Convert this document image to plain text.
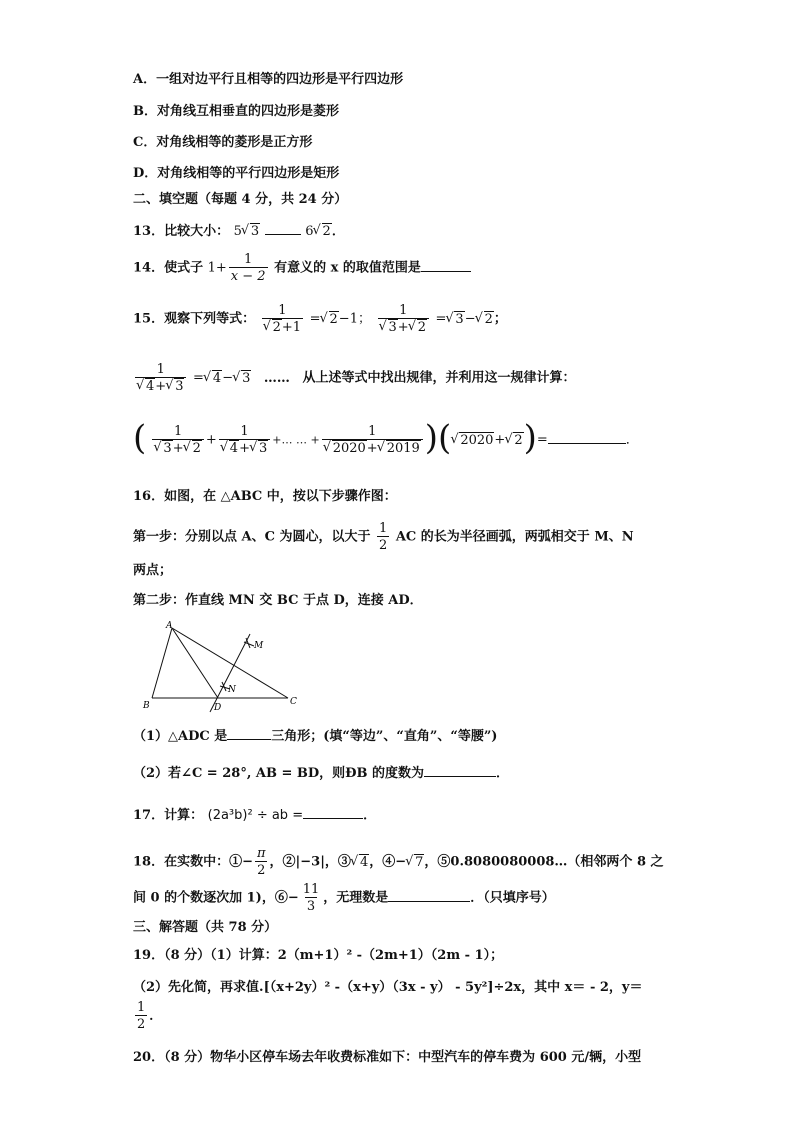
A．一组对边平行且相等的四边形是平行四边形
B．对角线互相垂直的四边形是菱形
C．对角线相等的菱形是正方形
D．对角线相等的平行四边形是矩形
二、填空题（每题 4 分，共 24 分）
13．比较大小： 5 √ 3	6 √ 2．
14．使式子 $1+ \frac{1}{x - 2}$ 有意义的 x 的取值范围是
15．观察下列等式： 1
√ 2+1 = √ 2−1； 1
√ 3+ √ 2 = √ 3− √ 2；
1
√ 4+ √ 3 = √ 4− √ 3 …… 从上述等式中找出规律，并利用这一规律计算：
( 1
√ 3+ √ 2 + 1
√ 4+ √ 3 +… … + 1
√ 2020+ √ 2019 )( √ 2020+ √ 2)=	．
16．如图，在 △ABC 中，按以下步骤作图：
第一步：分别以点 A、C 为圆心，以大于 $\frac{1}{2}$ AC 的长为半径画弧，两弧相交于 M、N
两点；
第二步：作直线 MN 交 BC 于点 D，连接 AD．
A
B	C
D
M
N
（1）△ADC 是	三角形；(填“等边”、“直角”、“等腰”)
（2）若∠C = 28°, AB = BD，则ÐB 的度数为	．
17．计算： (2a³b)² ÷ ab =	．
18．在实数中：①− $\frac{\pi}{2}$ ，②|−3|，③ √ 4，④− √ 7，⑤0.8080080008…（相邻两个 8 之
间 0 的个数逐次加 1)，⑥− $\frac{11}{3}$ ，无理数是	．（只填序号）
三、解答题（共 78 分）
19．（8 分）（1）计算：2（m+1）² -（2m+1）（2m - 1）；
（2）先化简，再求值.[（x+2y）² -（x+y）（3x - y） - 5y²]÷2x，其中 x＝ - 2，y＝
$\frac{1}{2}$ ．
20．（8 分）物华小区停车场去年收费标准如下：中型汽车的停车费为 600 元/辆，小型
